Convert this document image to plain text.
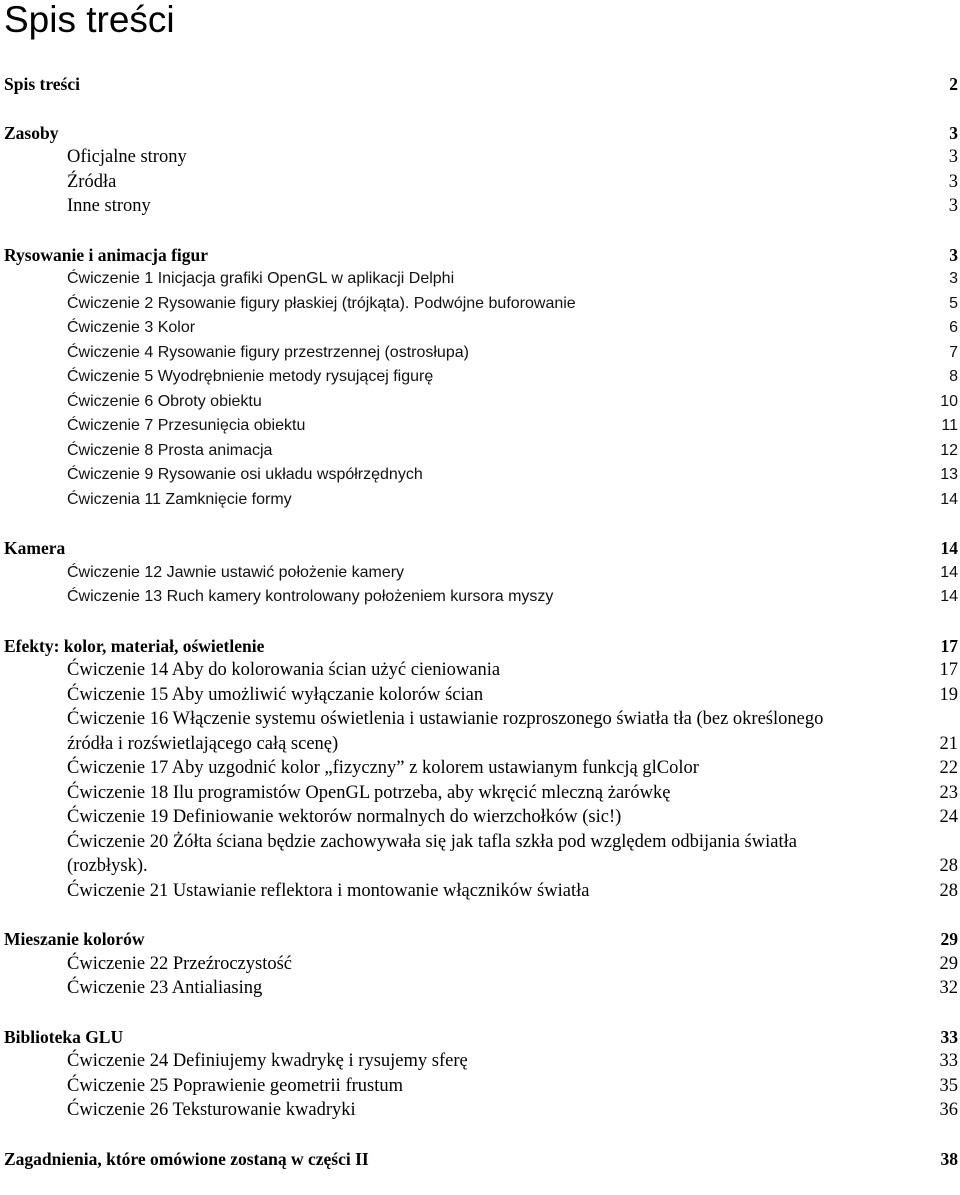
Spis treści
Spis treści	2
Zasoby	3
Oficjalne strony	3
Źródła	3
Inne strony	3
Rysowanie i animacja figur	3
Ćwiczenie 1 Inicjacja grafiki OpenGL w aplikacji Delphi	3
Ćwiczenie 2 Rysowanie figury płaskiej (trójkąta). Podwójne buforowanie	5
Ćwiczenie 3 Kolor	6
Ćwiczenie 4 Rysowanie figury przestrzennej (ostrosłupa)	7
Ćwiczenie 5 Wyodrębnienie metody rysującej figurę	8
Ćwiczenie 6 Obroty obiektu	10
Ćwiczenie 7 Przesunięcia obiektu	11
Ćwiczenie 8 Prosta animacja	12
Ćwiczenie 9 Rysowanie osi układu współrzędnych	13
Ćwiczenia 11 Zamknięcie formy	14
Kamera	14
Ćwiczenie 12 Jawnie ustawić położenie kamery	14
Ćwiczenie 13 Ruch kamery kontrolowany położeniem kursora myszy	14
Efekty: kolor, materiał, oświetlenie	17
Ćwiczenie 14 Aby do kolorowania ścian użyć cieniowania	17
Ćwiczenie 15 Aby umożliwić wyłączanie kolorów ścian	19
Ćwiczenie 16 Włączenie systemu oświetlenia i ustawianie rozproszonego światła tła (bez określonego
źródła i rozświetlającego całą scenę)	21
Ćwiczenie 17 Aby uzgodnić kolor „fizyczny” z kolorem ustawianym funkcją glColor	22
Ćwiczenie 18 Ilu programistów OpenGL potrzeba, aby wkręcić mleczną żarówkę	23
Ćwiczenie 19 Definiowanie wektorów normalnych do wierzchołków (sic!)	24
Ćwiczenie 20 Żółta ściana będzie zachowywała się jak tafla szkła pod względem odbijania światła
(rozbłysk).	28
Ćwiczenie 21 Ustawianie reflektora i montowanie włączników światła	28
Mieszanie kolorów	29
Ćwiczenie 22 Przeźroczystość	29
Ćwiczenie 23 Antialiasing	32
Biblioteka GLU	33
Ćwiczenie 24 Definiujemy kwadrykę i rysujemy sferę	33
Ćwiczenie 25 Poprawienie geometrii frustum	35
Ćwiczenie 26 Teksturowanie kwadryki	36
Zagadnienia, które omówione zostaną w części II	38
